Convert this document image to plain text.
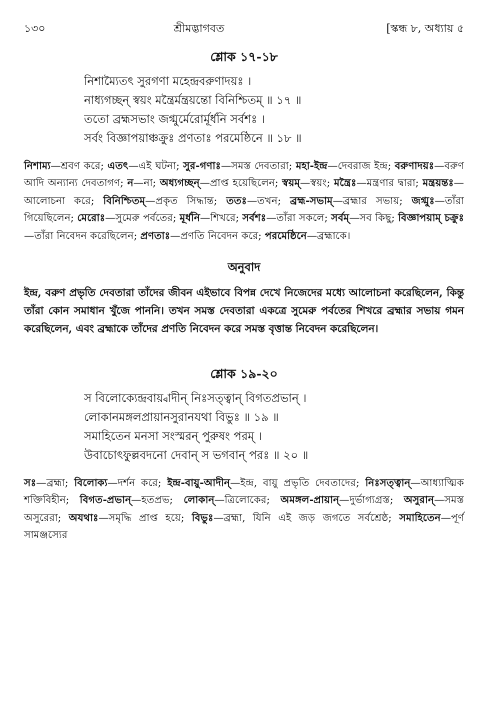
১৩০	শ্রীমদ্ভাগবত	[স্কন্ধ ৮, অধ্যায় ৫
শ্লোক ১৭-১৮
নিশাম্যৈতৎ সুরগণা মহেন্দ্রবরুণাদয়ঃ ।
নাধ্যগচ্ছন্ স্বয়ং মন্ত্রৈর্মন্ত্রয়ন্তো বিনিশ্চিতম্ ॥ ১৭ ॥
ততো ব্রহ্মসভাং জগ্মুর্মেরোর্মূর্ধনি সর্বশঃ ।
সর্বং বিজ্ঞাপয়াঞ্চক্রুঃ প্রণতাঃ পরমেষ্ঠিনে ॥ ১৮ ॥
নিশাম্য—শ্রবণ করে; এতৎ—এই ঘটনা; সুর-গণাঃ—সমস্ত দেবতারা; মহা-ইন্দ্র—দেবরাজ ইন্দ্র; বরুণাদয়ঃ—বরুণ আদি অন্যান্য দেবতাগণ; ন—না; অধ্যগচ্ছন্—প্রাপ্ত হয়েছিলেন; স্বয়ম্—স্বয়ং; মন্ত্রৈঃ—মন্ত্রণার দ্বারা; মন্ত্রয়ন্তঃ—আলোচনা করে; বিনিশ্চিতম্—প্রকৃত সিদ্ধান্ত; ততঃ—তখন; ব্রহ্ম-সভাম্—ব্রহ্মার সভায়; জগ্মুঃ—তাঁরা গিয়েছিলেন; মেরোঃ—সুমেরু পর্বতের; মূর্ধনি—শিখরে; সর্বশঃ—তাঁরা সকলে; সর্বম্—সব কিছু; বিজ্ঞাপয়াম্ চক্রুঃ—তাঁরা নিবেদন করেছিলেন; প্রণতাঃ—প্রণতি নিবেদন করে; পরমেষ্ঠিনে—ব্রহ্মাকে।
অনুবাদ
ইন্দ্র, বরুণ প্রভৃতি দেবতারা তাঁদের জীবন এইভাবে বিপন্ন দেখে নিজেদের মধ্যে আলোচনা করেছিলেন, কিন্তু তাঁরা কোন সমাধান খুঁজে পাননি। তখন সমস্ত দেবতারা একত্রে সুমেরু পর্বতের শিখরে ব্রহ্মার সভায় গমন করেছিলেন, এবং ব্রহ্মাকে তাঁদের প্রণতি নিবেদন করে সমস্ত বৃত্তান্ত নিবেদন করেছিলেন।
শ্লোক ১৯-২০
স বিলোক্যেন্দ্রবায়্বাদীন্ নিঃসত্ত্বান্ বিগতপ্রভান্ ।
লোকানমঙ্গলপ্রায়ানসুরানযথা বিভুঃ ॥ ১৯ ॥
সমাহিতেন মনসা সংস্মরন্ পুরুষং পরম্ ।
উবাচোৎফুল্লবদনো দেবান্ স ভগবান্ পরঃ ॥ ২০ ॥
সঃ—ব্রহ্মা; বিলোক্য—দর্শন করে; ইন্দ্র-বায়ু-আদীন্—ইন্দ্র, বায়ু প্রভৃতি দেবতাদের; নিঃসত্ত্বান্—আধ্যাত্মিক শক্তিবিহীন; বিগত-প্রভান্—হতপ্রভ; লোকান্—ত্রিলোকের; অমঙ্গল-প্রায়ান্—দুর্ভাগ্যগ্রস্ত; অসুরান্—সমস্ত অসুরেরা; অযথাঃ—সমৃদ্ধি প্রাপ্ত হয়ে; বিভুঃ—ব্রহ্মা, যিনি এই জড় জগতে সর্বশ্রেষ্ঠ; সমাহিতেন—পূর্ণ সামঞ্জস্যের
